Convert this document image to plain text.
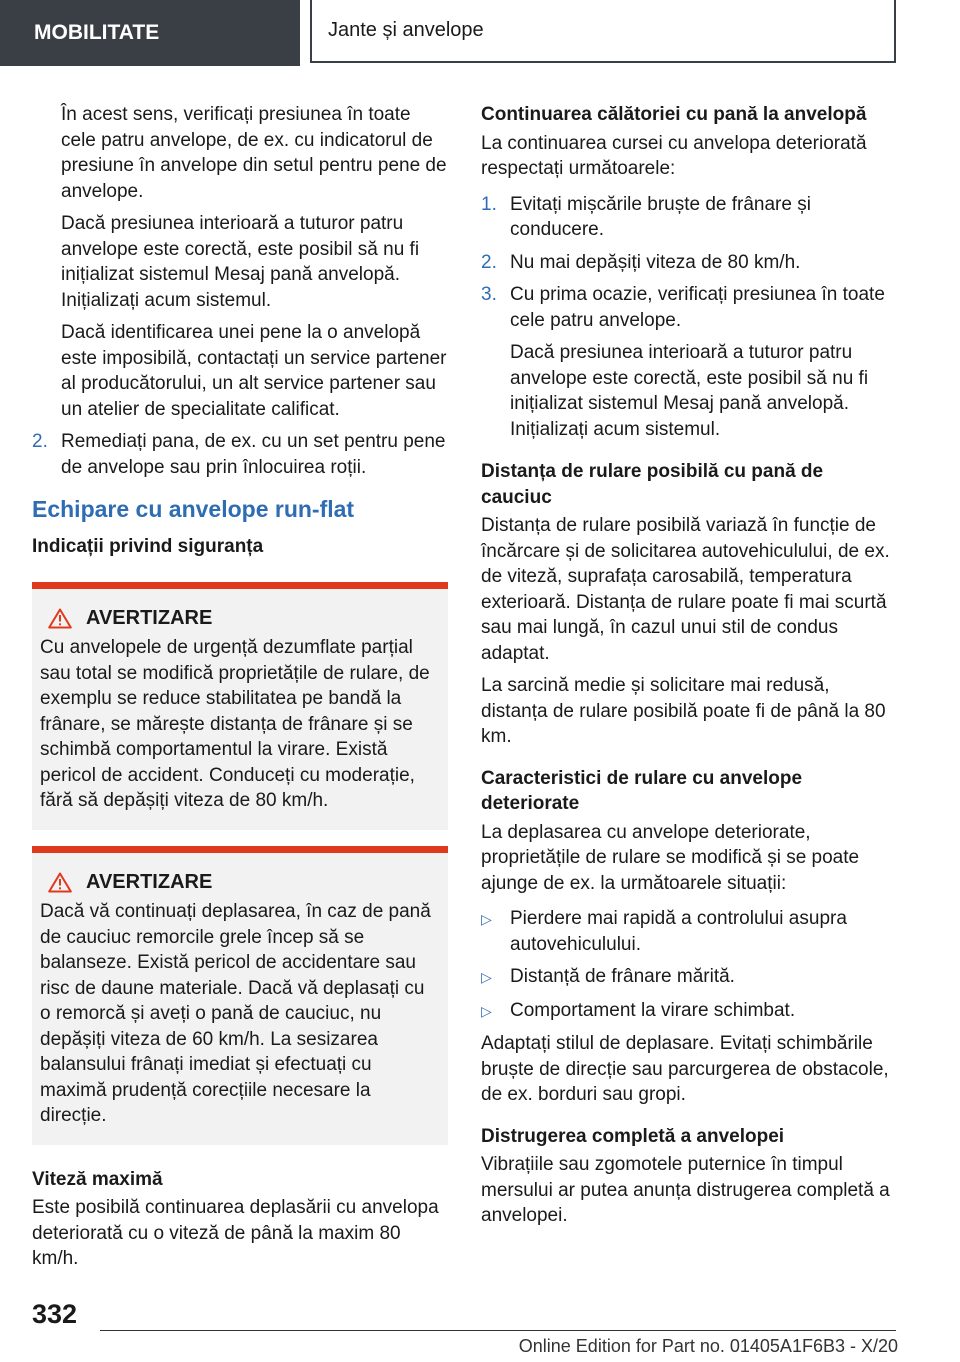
MOBILITATE	Jante și anvelope

În acest sens, verificați presiunea în toate cele patru anvelope, de ex. cu indicatorul de presiune în anvelope din setul pentru pene de anvelope.

Dacă presiunea interioară a tuturor patru anvelope este corectă, este posibil să nu fi inițializat sistemul Mesaj pană anvelopă. Inițializați acum sistemul.

Dacă identificarea unei pene la o anvelopă este imposibilă, contactați un service partener al producătorului, un alt service partener sau un atelier de specialitate calificat.

2. Remediați pana, de ex. cu un set pentru pene de anvelope sau prin înlocuirea roții.
Echipare cu anvelope run-flat
Indicații privind siguranța
AVERTIZARE

Cu anvelopele de urgență dezumflate parțial sau total se modifică proprietățile de rulare, de exemplu se reduce stabilitatea pe bandă la frânare, se mărește distanța de frânare și se schimbă comportamentul la virare. Există pericol de accident. Conduceți cu moderație, fără să depășiți viteza de 80 km/h.

AVERTIZARE

Dacă vă continuați deplasarea, în caz de pană de cauciuc remorcile grele încep să se balanseze. Există pericol de accidentare sau risc de daune materiale. Dacă vă deplasați cu o remorcă și aveți o pană de cauciuc, nu depășiți viteza de 60 km/h. La sesizarea balansului frânați imediat și efectuați cu maximă prudență corecțiile necesare la direcție.

Viteză maximă

Este posibilă continuarea deplasării cu anvelopa deteriorată cu o viteză de până la maxim 80 km/h.

Continuarea călătoriei cu pană la anvelopă

La continuarea cursei cu anvelopa deteriorată respectați următoarele:

1. Evitați mișcările bruște de frânare și conducere.
2. Nu mai depășiți viteza de 80 km/h.
3. Cu prima ocazie, verificați presiunea în toate cele patru anvelope.

Dacă presiunea interioară a tuturor patru anvelope este corectă, este posibil să nu fi inițializat sistemul Mesaj pană anvelopă. Inițializați acum sistemul.

Distanța de rulare posibilă cu pană de cauciuc

Distanța de rulare posibilă variază în funcție de încărcare și de solicitarea autovehiculului, de ex. de viteză, suprafața carosabilă, temperatura exterioară. Distanța de rulare poate fi mai scurtă sau mai lungă, în cazul unui stil de condus adaptat.

La sarcină medie și solicitare mai redusă, distanța de rulare posibilă poate fi de până la 80 km.

Caracteristici de rulare cu anvelope deteriorate

La deplasarea cu anvelope deteriorate, proprietățile de rulare se modifică și se poate ajunge de ex. la următoarele situații:

▷ Pierdere mai rapidă a controlului asupra autovehiculului.
▷ Distanță de frânare mărită.
▷ Comportament la virare schimbat.

Adaptați stilul de deplasare. Evitați schimbările bruște de direcție sau parcurgerea de obstacole, de ex. borduri sau gropi.

Distrugerea completă a anvelopei

Vibrațiile sau zgomotele puternice în timpul mersului ar putea anunța distrugerea completă a anvelopei.

332
Online Edition for Part no. 01405A1F6B3 - X/20
